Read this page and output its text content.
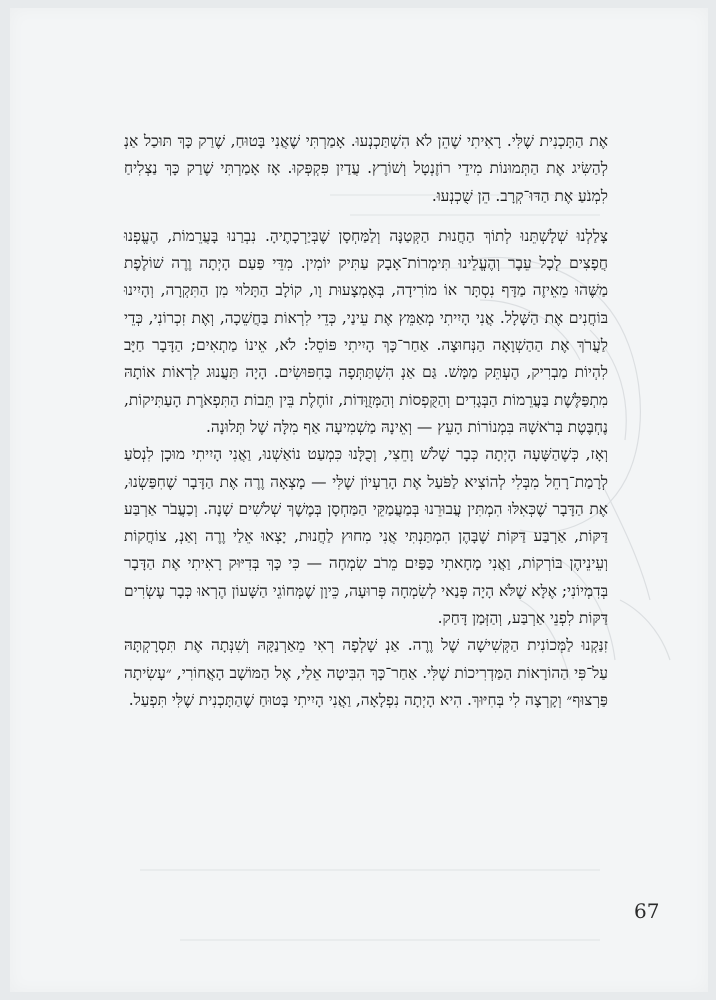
אֶת הַתָּכְנִית שֶׁלִּי. רָאִיתִי שֶׁהֵן לֹא הִשְׁתַּכְנְעוּ. אָמַרְתִּי שֶׁאֲנִי בָּטוּחַ, שֶׁרַק כָּךְ תּוּכַל אַנְ לְהַשִּׂיג אֶת הַתְּמוּנוֹת מִידֵי רוֹזֶנְטָל וְשׁוֹרֶץ. עֲדַיִן פִּקְפְּקוּ. אָז אָמַרְתִּי שֶׁרַק כָּךְ נַצְלִיחַ לִמְנֹעַ אֶת הַדּוּ־קְרָב. הֵן שֻׁכְנְעוּ.

צָלַלְנוּ שְׁלָשְׁתֵּנוּ לְתוֹךְ הַחֲנוּת הַקְּטַנָּה וְלַמַּחְסָן שֶׁבְּיַרְכָתֶיהָ. נִבְרַנוּ בָּעֲרֵמוֹת, הֶעֱפְנוּ חֲפָצִים לְכָל עֵבֶר וְהֶעֱלֵינוּ תִּימְרוֹת־אָבָק עַתִּיק יוֹמִין. מִדֵּי פַּעַם הָיְתָה וֶרֶה שׁוֹלֶפֶת מַשֶּׁהוּ מֵאֵיזֶה מַדָּף נִסְתָּר אוֹ מוֹרִידָה, בְּאֶמְצָעוּת וָו, קוֹלָב הַתָּלוּי מִן הַתִּקְרָה, וְהָיִינוּ בּוֹחֲנִים אֶת הַשָּׁלָל. אֲנִי הָיִיתִי מְאַמֵּץ אֶת עֵינַי, כְּדֵי לִרְאוֹת בַּחֲשֵׁכָה, וְאֶת זִכְרוֹנִי, כְּדֵי לַעֲרֹךְ אֶת הַהַשְׁוָאָה הַנְּחוּצָה. אַחַר־כָּךְ הָיִיתִי פּוֹסֵל: לֹא, אֵינוֹ מַתְאִים; הַדָּבָר חַיָּב לִהְיוֹת מַבְרִיק, הֶעְתֵּק מַמָּשׁ. גַּם אַנְ הִשְׁתַּתְּפָה בַּחִפּוּשִׂים. הָיָה תַּעֲנוּג לִרְאוֹת אוֹתָהּ מִתְפַּלֶּשֶׁת בַּעֲרֵמוֹת הַבְּגָדִים וְהַקֻּפְסוֹת וְהַמְּזֻוָּדוֹת, זוֹחֶלֶת בֵּין תֵּבוֹת הַתִּפְאֹרֶת הָעַתִּיקוֹת, נֶחְבֶּטֶת בְּרֹאשָׁהּ בִּמְנוֹרוֹת הָעֵץ — וְאֵינָהּ מַשְׁמִיעָה אַף מִלָּה שֶׁל תְּלוּנָה.

וְאָז, כְּשֶׁהַשָּׁעָה הָיְתָה כְּבָר שָׁלֹשׁ וָחֵצִי, וְכֻלָּנוּ כִּמְעַט נוֹאַשְׁנוּ, וַאֲנִי הָיִיתִי מוּכָן לִנְסֹעַ לְרָמַת־רָחֵל מִבְּלִי לְהוֹצִיא לַפֹּעַל אֶת הָרַעְיוֹן שֶׁלִּי — מָצְאָה וֶרֶה אֶת הַדָּבָר שֶׁחִפַּשְׂנוּ, אֶת הַדָּבָר שֶׁכְּאִלּוּ הִמְתִּין עֲבוּרֵנוּ בְּמַעֲמַקֵּי הַמַּחְסָן בְּמֶשֶׁךְ שְׁלֹשִׁים שָׁנָה. וְכַעֲבֹר אַרְבַּע דַּקּוֹת, אַרְבַּע דַּקּוֹת שֶׁבָּהֶן הִמְתַּנְתִּי אֲנִי מִחוּץ לַחֲנוּת, יָצְאוּ אֵלַי וֶרֶה וְאַנְ, צוֹחֲקוֹת וְעֵינֵיהֶן בּוֹרְקוֹת, וַאֲנִי מָחָאתִי כַּפַּיִם מֵרֹב שִׂמְחָה — כִּי כָּךְ בְּדִיּוּק רָאִיתִי אֶת הַדָּבָר בְּדִמְיוֹנִי; אֶלָּא שֶׁלֹּא הָיָה פְּנַאי לְשִׂמְחָה פְּרוּעָה, כֵּיוָן שֶׁמְּחוֹגֵי הַשָּׁעוֹן הֶרְאוּ כְּבָר עֶשְׂרִים דַּקּוֹת לִפְנֵי אַרְבַּע, וְהַזְּמַן דָּחַק.

זִנַּקְנוּ לַמְּכוֹנִית הַקְּשִׁישָׁה שֶׁל וֶרֶה. אַנְ שָׁלְפָה רְאִי מֵאַרְנַקָּהּ וְשִׁנְּתָה אֶת תִּסְרָקְתָּהּ עַל־פִּי הַהוֹרָאוֹת הַמַּדְרִיכוֹת שֶׁלִּי. אַחַר־כָּךְ הִבִּיטָה אֵלַי, אֶל הַמּוֹשָׁב הָאֲחוֹרִי, ״עָשִׂיתָה פַּרְצוּף״ וְקָרְצָה לִי בְּחִיּוּךְ. הִיא הָיְתָה נִפְלָאָה, וַאֲנִי הָיִיתִי בָּטוּחַ שֶׁהַתָּכְנִית שֶׁלִּי תִּפְעַל.

67
